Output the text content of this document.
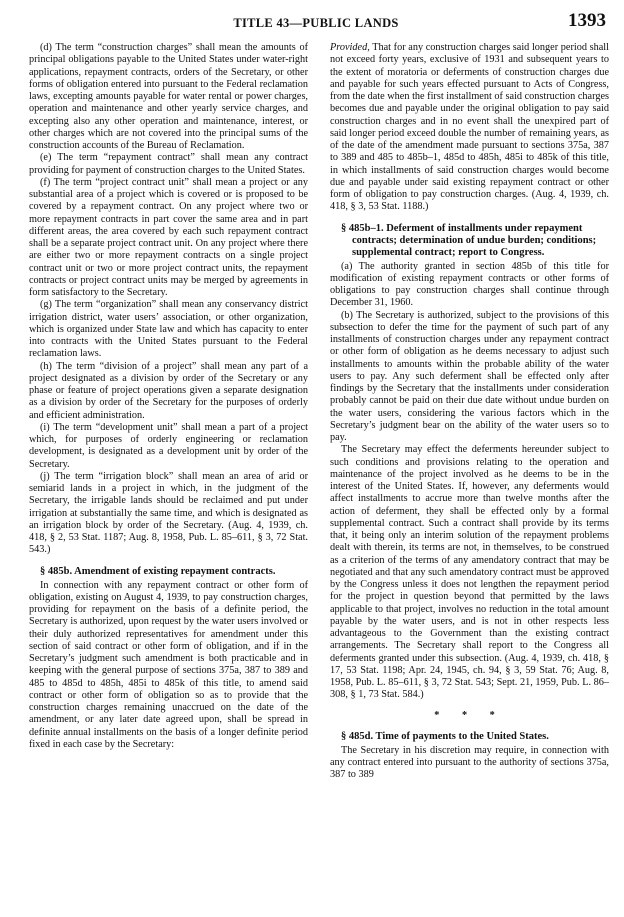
TITLE 43—PUBLIC LANDS	1393

(d) The term “construction charges” shall mean the amounts of principal obligations payable to the United States under water-right applications, repayment contracts, orders of the Secretary, or other forms of obligation entered into pursuant to the Federal reclamation laws, excepting amounts payable for water rental or power charges, operation and maintenance and other yearly service charges, and excepting also any other operation and maintenance, interest, or other charges which are not covered into the principal sums of the construction accounts of the Bureau of Reclamation.

(e) The term “repayment contract” shall mean any contract providing for payment of construction charges to the United States.

(f) The term “project contract unit” shall mean a project or any substantial area of a project which is covered or is proposed to be covered by a repayment contract. On any project where two or more repayment contracts in part cover the same area and in part different areas, the area covered by each such repayment contract shall be a separate project contract unit. On any project where there are either two or more repayment contracts on a single project contract unit or two or more project contract units, the repayment contracts or project contract units may be merged by agreements in form satisfactory to the Secretary.

(g) The term “organization” shall mean any conservancy district irrigation district, water users’ association, or other organization, which is organized under State law and which has capacity to enter into contracts with the United States pursuant to the Federal reclamation laws.

(h) The term “division of a project” shall mean any part of a project designated as a division by order of the Secretary or any phase or feature of project operations given a separate designation as a division by order of the Secretary for the purposes of orderly and efficient administration.

(i) The term “development unit” shall mean a part of a project which, for purposes of orderly engineering or reclamation development, is designated as a development unit by order of the Secretary.

(j) The term “irrigation block” shall mean an area of arid or semiarid lands in a project in which, in the judgment of the Secretary, the irrigable lands should be reclaimed and put under irrigation at substantially the same time, and which is designated as an irrigation block by order of the Secretary. (Aug. 4, 1939, ch. 418, § 2, 53 Stat. 1187; Aug. 8, 1958, Pub. L. 85–611, § 3, 72 Stat. 543.)

§ 485b. Amendment of existing repayment contracts.

In connection with any repayment contract or other form of obligation, existing on August 4, 1939, to pay construction charges, providing for repayment on the basis of a definite period, the Secretary is authorized, upon request by the water users involved or their duly authorized representatives for amendment under this section of said contract or other form of obligation, and if in the Secretary’s judgment such amendment is both practicable and in keeping with the general purpose of sections 375a, 387 to 389 and 485 to 485d to 485h, 485i to 485k of this title, to amend said contract or other form of obligation so as to provide that the construction charges remaining unaccrued on the date of the amendment, or any later date agreed upon, shall be spread in definite annual installments on the basis of a longer definite period fixed in each case by the Secretary:

Provided, That for any construction charges said longer period shall not exceed forty years, exclusive of 1931 and subsequent years to the extent of moratoria or deferments of construction charges due and payable for such years effected pursuant to Acts of Congress, from the date when the first installment of said construction charges becomes due and payable under the original obligation to pay said construction charges and in no event shall the unexpired part of said longer period exceed double the number of remaining years, as of the date of the amendment made pursuant to sections 375a, 387 to 389 and 485 to 485b–1, 485d to 485h, 485i to 485k of this title, in which installments of said construction charges would become due and payable under said existing repayment contract or other form of obligation to pay construction charges. (Aug. 4, 1939, ch. 418, § 3, 53 Stat. 1188.)

§ 485b–1. Deferment of installments under repayment contracts; determination of undue burden; conditions; supplemental contract; report to Congress.

(a) The authority granted in section 485b of this title for modification of existing repayment contracts or other forms of obligations to pay construction charges shall continue through December 31, 1960.

(b) The Secretary is authorized, subject to the provisions of this subsection to defer the time for the payment of such part of any installments of construction charges under any repayment contract or other form of obligation as he deems necessary to adjust such installments to amounts within the probable ability of the water users to pay. Any such deferment shall be effected only after findings by the Secretary that the installments under consideration probably cannot be paid on their due date without undue burden on the water users, considering the various factors which in the Secretary’s judgment bear on the ability of the water users so to pay.

The Secretary may effect the deferments hereunder subject to such conditions and provisions relating to the operation and maintenance of the project involved as he deems to be in the interest of the United States. If, however, any deferments would affect installments to accrue more than twelve months after the action of deferment, they shall be effected only by a formal supplemental contract. Such a contract shall provide by its terms that, it being only an interim solution of the repayment problems dealt with therein, its terms are not, in themselves, to be construed as a criterion of the terms of any amendatory contract that may be negotiated and that any such amendatory contract must be approved by the Congress unless it does not lengthen the repayment period for the project in question beyond that permitted by the laws applicable to that project, involves no reduction in the total amount payable by the water users, and is not in other respects less advantageous to the Government than the existing contract arrangements. The Secretary shall report to the Congress all deferments granted under this subsection. (Aug. 4, 1939, ch. 418, § 17, 53 Stat. 1198; Apr. 24, 1945, ch. 94, § 3, 59 Stat. 76; Aug. 8, 1958, Pub. L. 85–611, § 3, 72 Stat. 543; Sept. 21, 1959, Pub. L. 86–308, § 1, 73 Stat. 584.)

* * *
§ 485d. Time of payments to the United States.

The Secretary in his discretion may require, in connection with any contract entered into pursuant to the authority of sections 375a, 387 to 389
